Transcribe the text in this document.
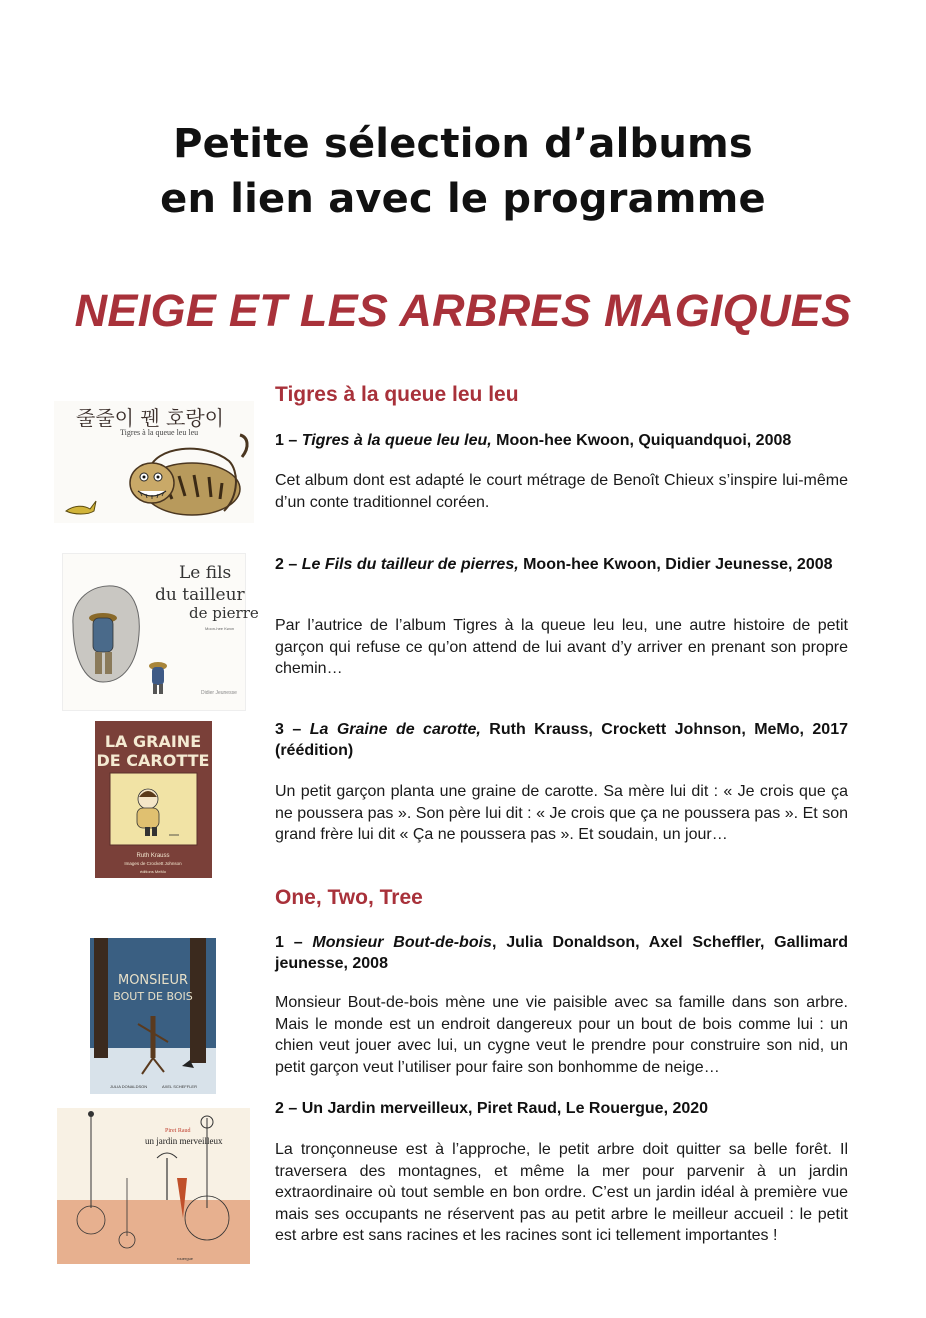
Petite sélection d’albums
en lien avec le programme
NEIGE ET LES ARBRES MAGIQUES
Tigres à la queue leu leu
줄줄이 꿴 호랑이
Tigres à la queue leu leu	1 – Tigres à la queue leu leu, Moon-hee Kwoon, Quiquandquoi, 2008
Cet album dont est adapté le court métrage de Benoît Chieux s’inspire lui-même d’un conte traditionnel coréen.
Le fils
du tailleur
de pierre
Moon-hee Kwon
Didier Jeunesse
2 – Le Fils du tailleur de pierres, Moon-hee Kwoon, Didier Jeunesse, 2008
Par l’autrice de l’album Tigres à la queue leu leu, une autre histoire de petit garçon qui refuse ce qu’on attend de lui avant d’y arriver en prenant son propre chemin…
LA GRAINE
DE CAROTTE
Ruth Krauss
Images de Crockett Johnson
éditions MeMo
3 – La Graine de carotte, Ruth Krauss, Crockett Johnson, MeMo, 2017 (réédition)
Un petit garçon planta une graine de carotte. Sa mère lui dit : « Je crois que ça ne poussera pas ». Son père lui dit : « Je crois que ça ne poussera pas ». Et son grand frère lui dit « Ça ne poussera pas ». Et soudain, un jour…
One, Two, Tree
MONSIEUR
BOUT DE BOIS
JULIA DONALDSON	AXEL SCHEFFLER
1 – Monsieur Bout-de-bois, Julia Donaldson, Axel Scheffler, Gallimard jeunesse, 2008
Monsieur Bout-de-bois mène une vie paisible avec sa famille dans son arbre. Mais le monde est un endroit dangereux pour un bout de bois comme lui : un chien veut jouer avec lui, un cygne veut le prendre pour construire son nid, un petit garçon veut l’utiliser pour faire son bonhomme de neige…
Piret Raud
un jardin merveilleux
rouergue
2 – Un Jardin merveilleux, Piret Raud, Le Rouergue, 2020
La tronçonneuse est à l’approche, le petit arbre doit quitter sa belle forêt. Il traversera des montagnes, et même la mer pour parvenir à un jardin extraordinaire où tout semble en bon ordre. C’est un jardin idéal à première vue mais ses occupants ne réservent pas au petit arbre le meilleur accueil : le petit est arbre est sans racines et les racines sont ici tellement importantes !
